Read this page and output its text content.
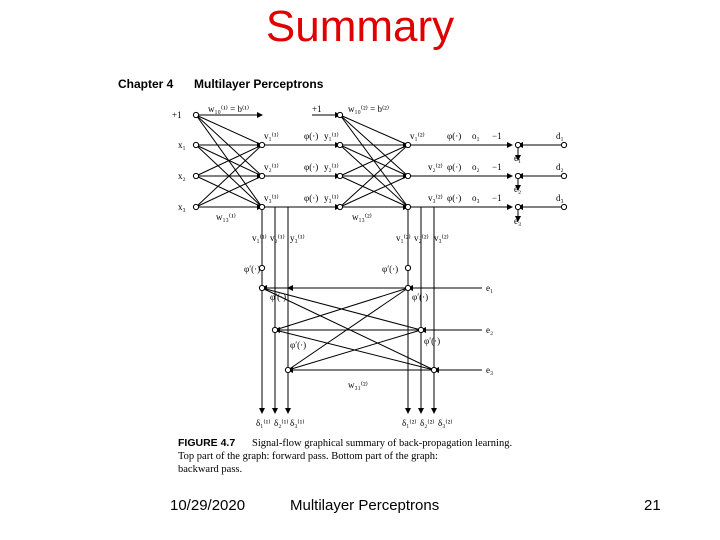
Summary
Chapter 4 Multilayer Perceptrons
+1
+1
w₁₀⁽¹⁾ = b⁽¹⁾	w₁₀⁽²⁾ = b⁽²⁾
x₁
x₂
x₃
w₁₃⁽¹⁾	w₁₃⁽²⁾
v₁⁽¹⁾
v₂⁽¹⁾
v₃⁽¹⁾
φ(·)
φ(·)
φ(·)
y₁⁽¹⁾
y₂⁽¹⁾
y₃⁽¹⁾
v₁⁽²⁾
v₂⁽²⁾
v₃⁽²⁾
φ(·)
φ(·)
φ(·)
o₁
o₂
o₃
−1
−1
−1
d₁
d₂
d₃
e₁
e₂
e₃
v₁⁽¹⁾ v₂⁽¹⁾ y₃⁽¹⁾	v₁⁽²⁾ v₂⁽²⁾ v₃⁽²⁾
e₁
e₂
e₃
φ′(·)
φ′(·)
φ′(·)
φ′(·)
φ′(·)
φ′(·)
w₃₁⁽²⁾
δ₁⁽¹⁾ δ₂⁽¹⁾ δ₃⁽¹⁾	δ₁⁽²⁾ δ₂⁽²⁾ δ₃⁽²⁾
FIGURE 4.7 Signal-flow graphical summary of back-propagation learning.
Top part of the graph: forward pass. Bottom part of the graph:
backward pass.
10/29/2020	Multilayer Perceptrons	21
